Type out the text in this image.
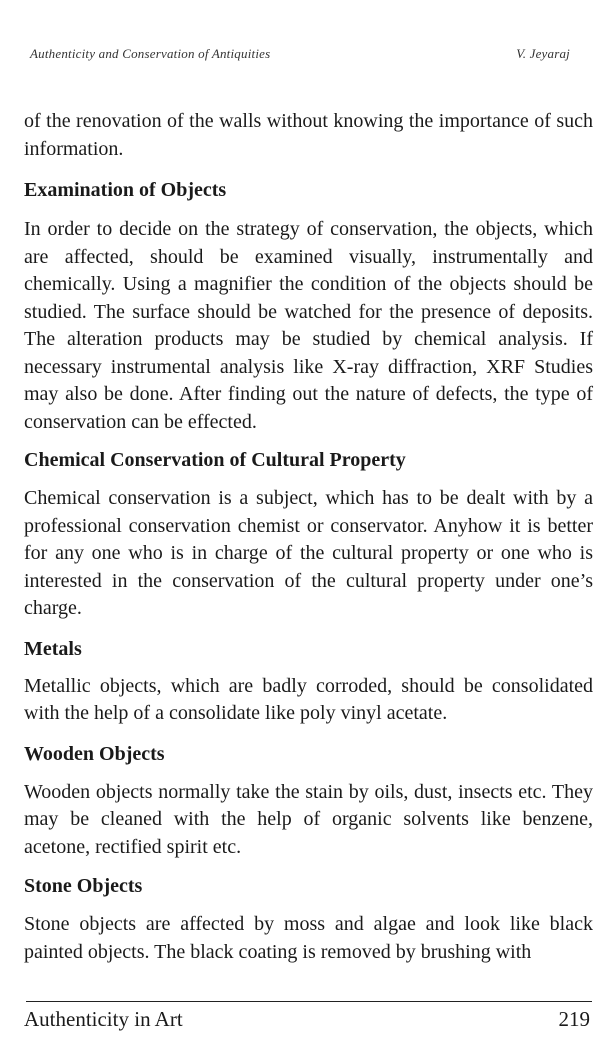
Authenticity and Conservation of Antiquities	V. Jeyaraj

of the renovation of the walls without knowing the importance of such information.

Examination of Objects

In order to decide on the strategy of conservation, the objects, which are affected, should be examined visually, instrumentally and chemically. Using a magnifier the condition of the objects should be studied. The surface should be watched for the presence of deposits. The alteration products may be studied by chemical analysis. If necessary instrumental analysis like X-ray diffraction, XRF Studies may also be done. After finding out the nature of defects, the type of conservation can be effected.

Chemical Conservation of Cultural Property

Chemical conservation is a subject, which has to be dealt with by a professional conservation chemist or conservator. Anyhow it is better for any one who is in charge of the cultural property or one who is interested in the conservation of the cultural property under one’s charge.

Metals

Metallic objects, which are badly corroded, should be consolidated with the help of a consolidate like poly vinyl acetate.

Wooden Objects

Wooden objects normally take the stain by oils, dust, insects etc. They may be cleaned with the help of organic solvents like benzene, acetone, rectified spirit etc.

Stone Objects

Stone objects are affected by moss and algae and look like black painted objects. The black coating is removed by brushing with

Authenticity in Art	219
